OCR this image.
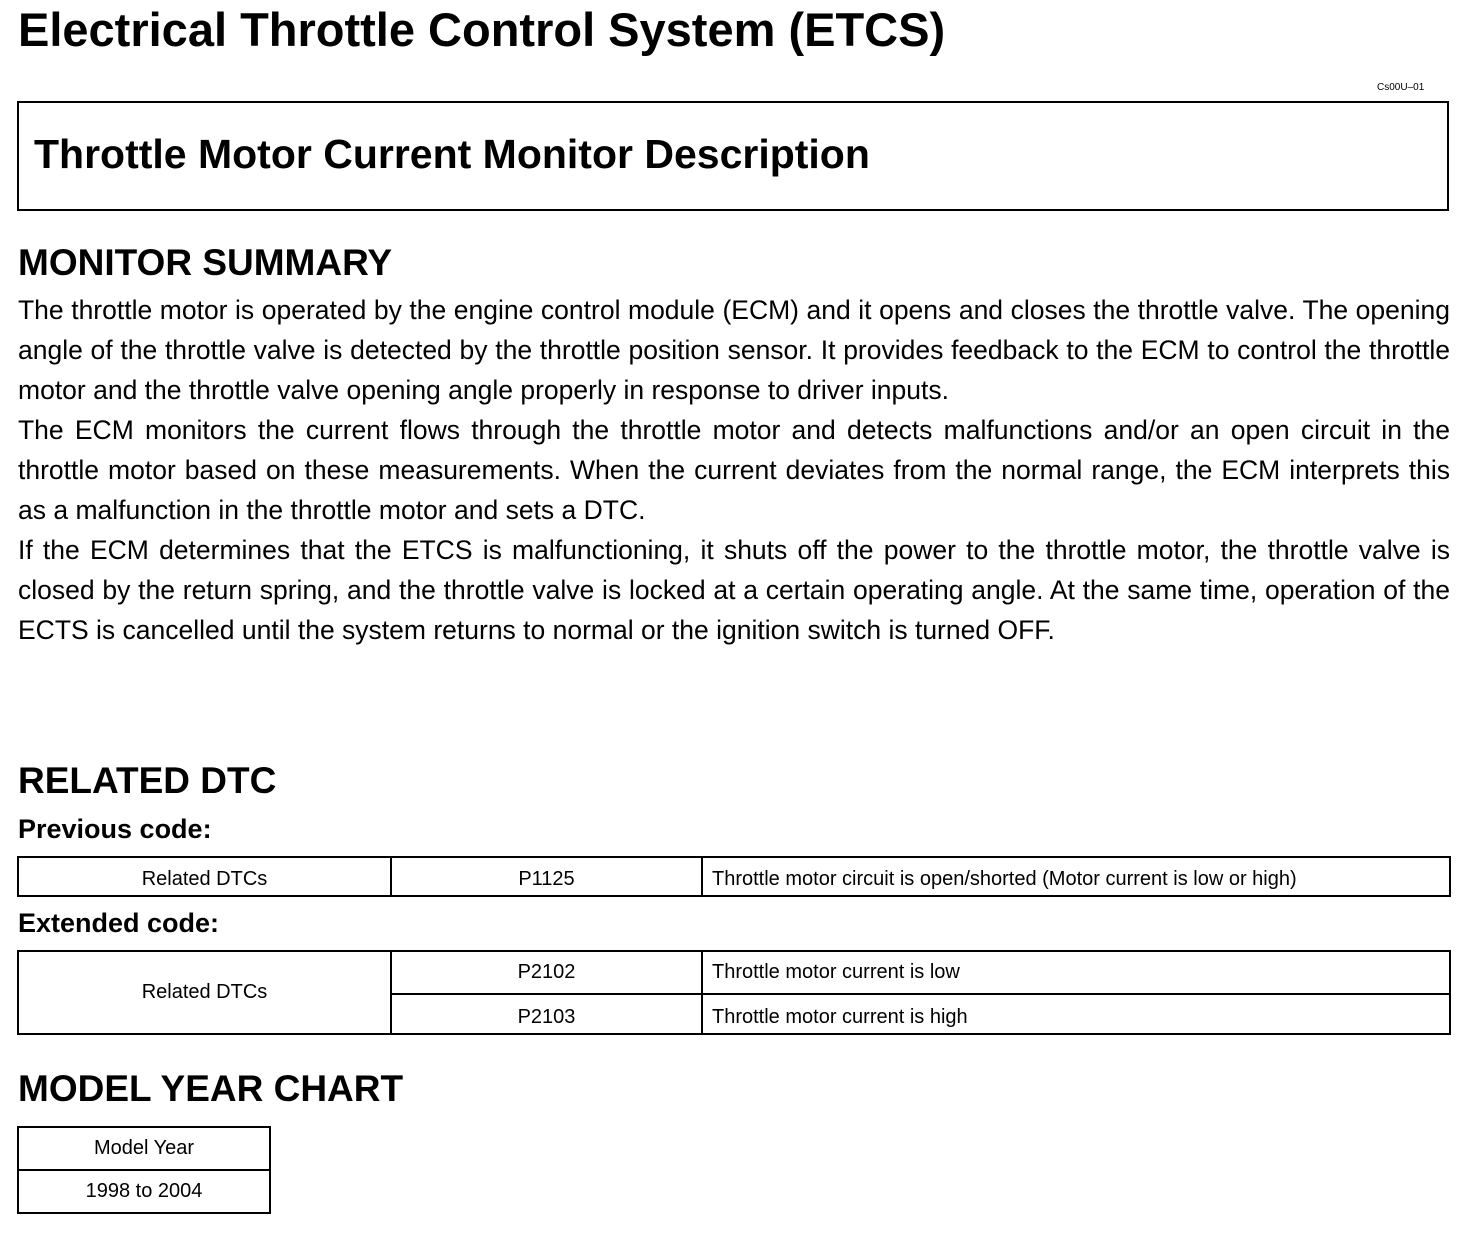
Electrical Throttle Control System (ETCS)
Cs00U–01
Throttle Motor Current Monitor Description
MONITOR SUMMARY

The throttle motor is operated by the engine control module (ECM) and it opens and closes the throttle valve. The opening angle of the throttle valve is detected by the throttle position sensor. It provides feedback to the ECM to control the throttle motor and the throttle valve opening angle properly in response to driver inputs.

The ECM monitors the current flows through the throttle motor and detects malfunctions and/or an open circuit in the throttle motor based on these measurements. When the current deviates from the normal range, the ECM interprets this as a malfunction in the throttle motor and sets a DTC.

If the ECM determines that the ETCS is malfunctioning, it shuts off the power to the throttle motor, the throttle valve is closed by the return spring, and the throttle valve is locked at a certain operating angle. At the same time, operation of the ECTS is cancelled until the system returns to normal or the ignition switch is turned OFF.

RELATED DTC
Previous code:
Related DTCs	P1125	Throttle motor circuit is open/shorted (Motor current is low or high)
Extended code:
Related DTCs	P2102	Throttle motor current is low
	P2103	Throttle motor current is high
MODEL YEAR CHART
Model Year
1998 to 2004
